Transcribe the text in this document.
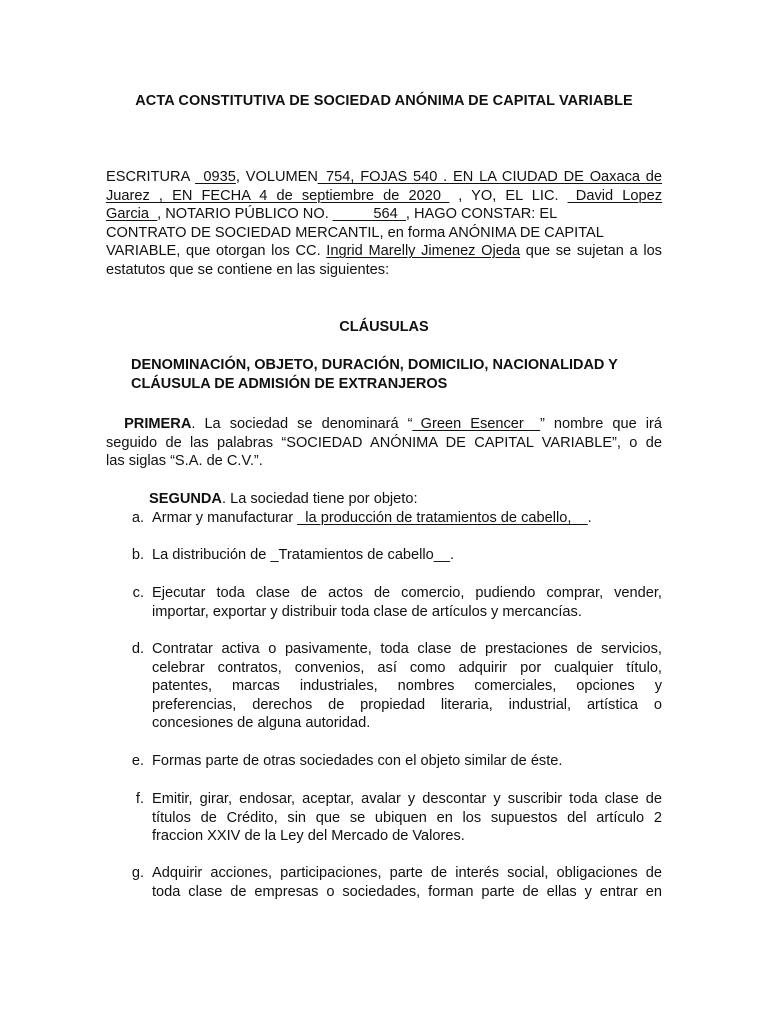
ACTA CONSTITUTIVA DE SOCIEDAD ANÓNIMA DE CAPITAL VARIABLE
ESCRITURA _0935, VOLUMEN_754, FOJAS 540 . EN LA CIUDAD DE Oaxaca de
Juarez , EN FECHA 4 de septiembre de 2020_ , YO, EL LIC. _David Lopez
Garcia_, NOTARIO PÚBLICO NO. _____564_, HAGO CONSTAR: EL
CONTRATO DE SOCIEDAD MERCANTIL, en forma ANÓNIMA DE CAPITAL
VARIABLE, que otorgan los CC. Ingrid Marelly Jimenez Ojeda que se sujetan a los
estatutos que se contiene en las siguientes:
CLÁUSULAS
DENOMINACIÓN, OBJETO, DURACIÓN, DOMICILIO, NACIONALIDAD Y
CLÁUSULA DE ADMISIÓN DE EXTRANJEROS
PRIMERA. La sociedad se denominará “_Green Esencer__” nombre que irá
seguido de las palabras “SOCIEDAD ANÓNIMA DE CAPITAL VARIABLE”, o de
las siglas “S.A. de C.V.”.
SEGUNDA. La sociedad tiene por objeto:
a. Armar y manufacturar _la producción de tratamientos de cabello,__.
b. La distribución de _Tratamientos de cabello__.
c. Ejecutar toda clase de actos de comercio, pudiendo comprar, vender,
importar, exportar y distribuir toda clase de artículos y mercancías.
d. Contratar activa o pasivamente, toda clase de prestaciones de servicios,
celebrar contratos, convenios, así como adquirir por cualquier título,
patentes, marcas industriales, nombres comerciales, opciones y
preferencias, derechos de propiedad literaria, industrial, artística o
concesiones de alguna autoridad.
e. Formas parte de otras sociedades con el objeto similar de éste.
f. Emitir, girar, endosar, aceptar, avalar y descontar y suscribir toda clase de
títulos de Crédito, sin que se ubiquen en los supuestos del artículo 2
fraccion XXIV de la Ley del Mercado de Valores.
g. Adquirir acciones, participaciones, parte de interés social, obligaciones de
toda clase de empresas o sociedades, forman parte de ellas y entrar en
